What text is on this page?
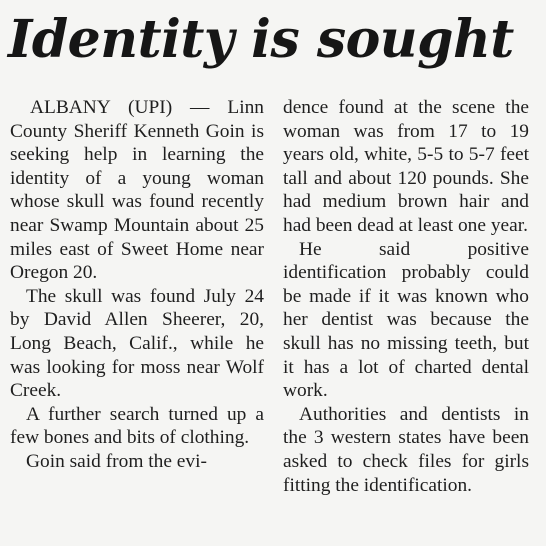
Identity is sought

ALBANY (UPI) — Linn County Sheriff Kenneth Goin is seeking help in learning the identity of a young woman whose skull was found recently near Swamp Mountain about 25 miles east of Sweet Home near Oregon 20.

The skull was found July 24 by David Allen Sheerer, 20, Long Beach, Calif., while he was looking for moss near Wolf Creek.

A further search turned up a few bones and bits of clothing.

Goin said from the evi-

dence found at the scene the woman was from 17 to 19 years old, white, 5-5 to 5-7 feet tall and about 120 pounds. She had medium brown hair and had been dead at least one year.

He said positive identification probably could be made if it was known who her dentist was because the skull has no missing teeth, but it has a lot of charted dental work.

Authorities and dentists in the 3 western states have been asked to check files for girls fitting the identification.
